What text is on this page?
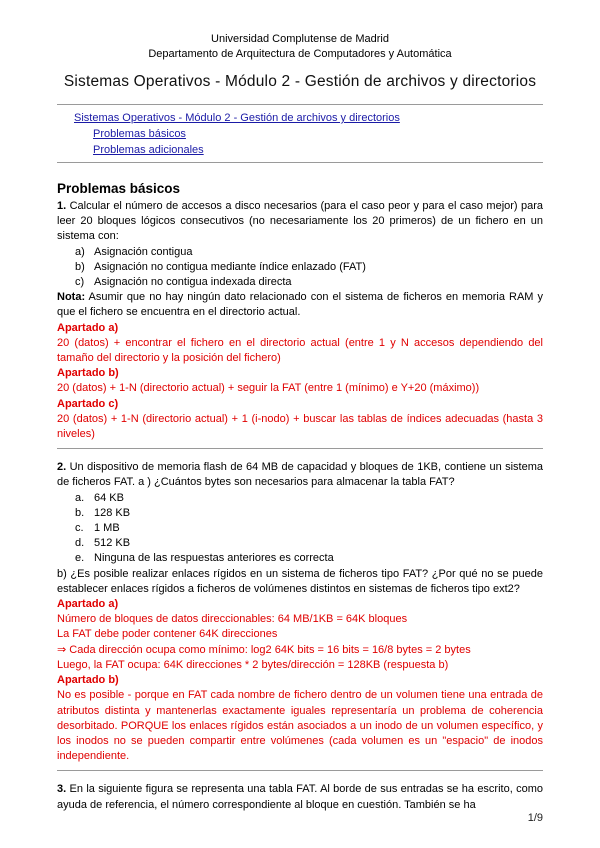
Universidad Complutense de Madrid
Departamento de Arquitectura de Computadores y Automática
Sistemas Operativos - Módulo 2 - Gestión de archivos y directorios
Sistemas Operativos - Módulo 2 - Gestión de archivos y directorios
Problemas básicos
Problemas adicionales
Problemas básicos

1. Calcular el número de accesos a disco necesarios (para el caso peor y para el caso mejor) para leer 20 bloques lógicos consecutivos (no necesariamente los 20 primeros) de un fichero en un sistema con:

a) Asignación contigua
b) Asignación no contigua mediante índice enlazado (FAT)
c) Asignación no contigua indexada directa

Nota: Asumir que no hay ningún dato relacionado con el sistema de ficheros en memoria RAM y que el fichero se encuentra en el directorio actual.

Apartado a)

20 (datos) + encontrar el fichero en el directorio actual (entre 1 y N accesos dependiendo del tamaño del directorio y la posición del fichero)

Apartado b)

20 (datos) + 1-N (directorio actual) + seguir la FAT (entre 1 (mínimo) e Y+20 (máximo))

Apartado c)

20 (datos) + 1-N (directorio actual) + 1 (i-nodo) + buscar las tablas de índices adecuadas (hasta 3 niveles)

2. Un dispositivo de memoria flash de 64 MB de capacidad y bloques de 1KB, contiene un sistema de ficheros FAT. a ) ¿Cuántos bytes son necesarios para almacenar la tabla FAT?

a. 64 KB
b. 128 KB
c. 1 MB
d. 512 KB
e. Ninguna de las respuestas anteriores es correcta

b) ¿Es posible realizar enlaces rígidos en un sistema de ficheros tipo FAT? ¿Por qué no se puede establecer enlaces rígidos a ficheros de volúmenes distintos en sistemas de ficheros tipo ext2?

Apartado a)

Número de bloques de datos direccionables: 64 MB/1KB = 64K bloques

La FAT debe poder contener 64K direcciones

⇒ Cada dirección ocupa como mínimo: log2 64K bits = 16 bits = 16/8 bytes = 2 bytes

Luego, la FAT ocupa: 64K direcciones * 2 bytes/dirección = 128KB (respuesta b)

Apartado b)

No es posible - porque en FAT cada nombre de fichero dentro de un volumen tiene una entrada de atributos distinta y mantenerlas exactamente iguales representaría un problema de coherencia desorbitado. PORQUE los enlaces rígidos están asociados a un inodo de un volumen específico, y los inodos no se pueden compartir entre volúmenes (cada volumen es un "espacio" de inodos independiente.

3. En la siguiente figura se representa una tabla FAT. Al borde de sus entradas se ha escrito, como ayuda de referencia, el número correspondiente al bloque en cuestión. También se ha

1/9
